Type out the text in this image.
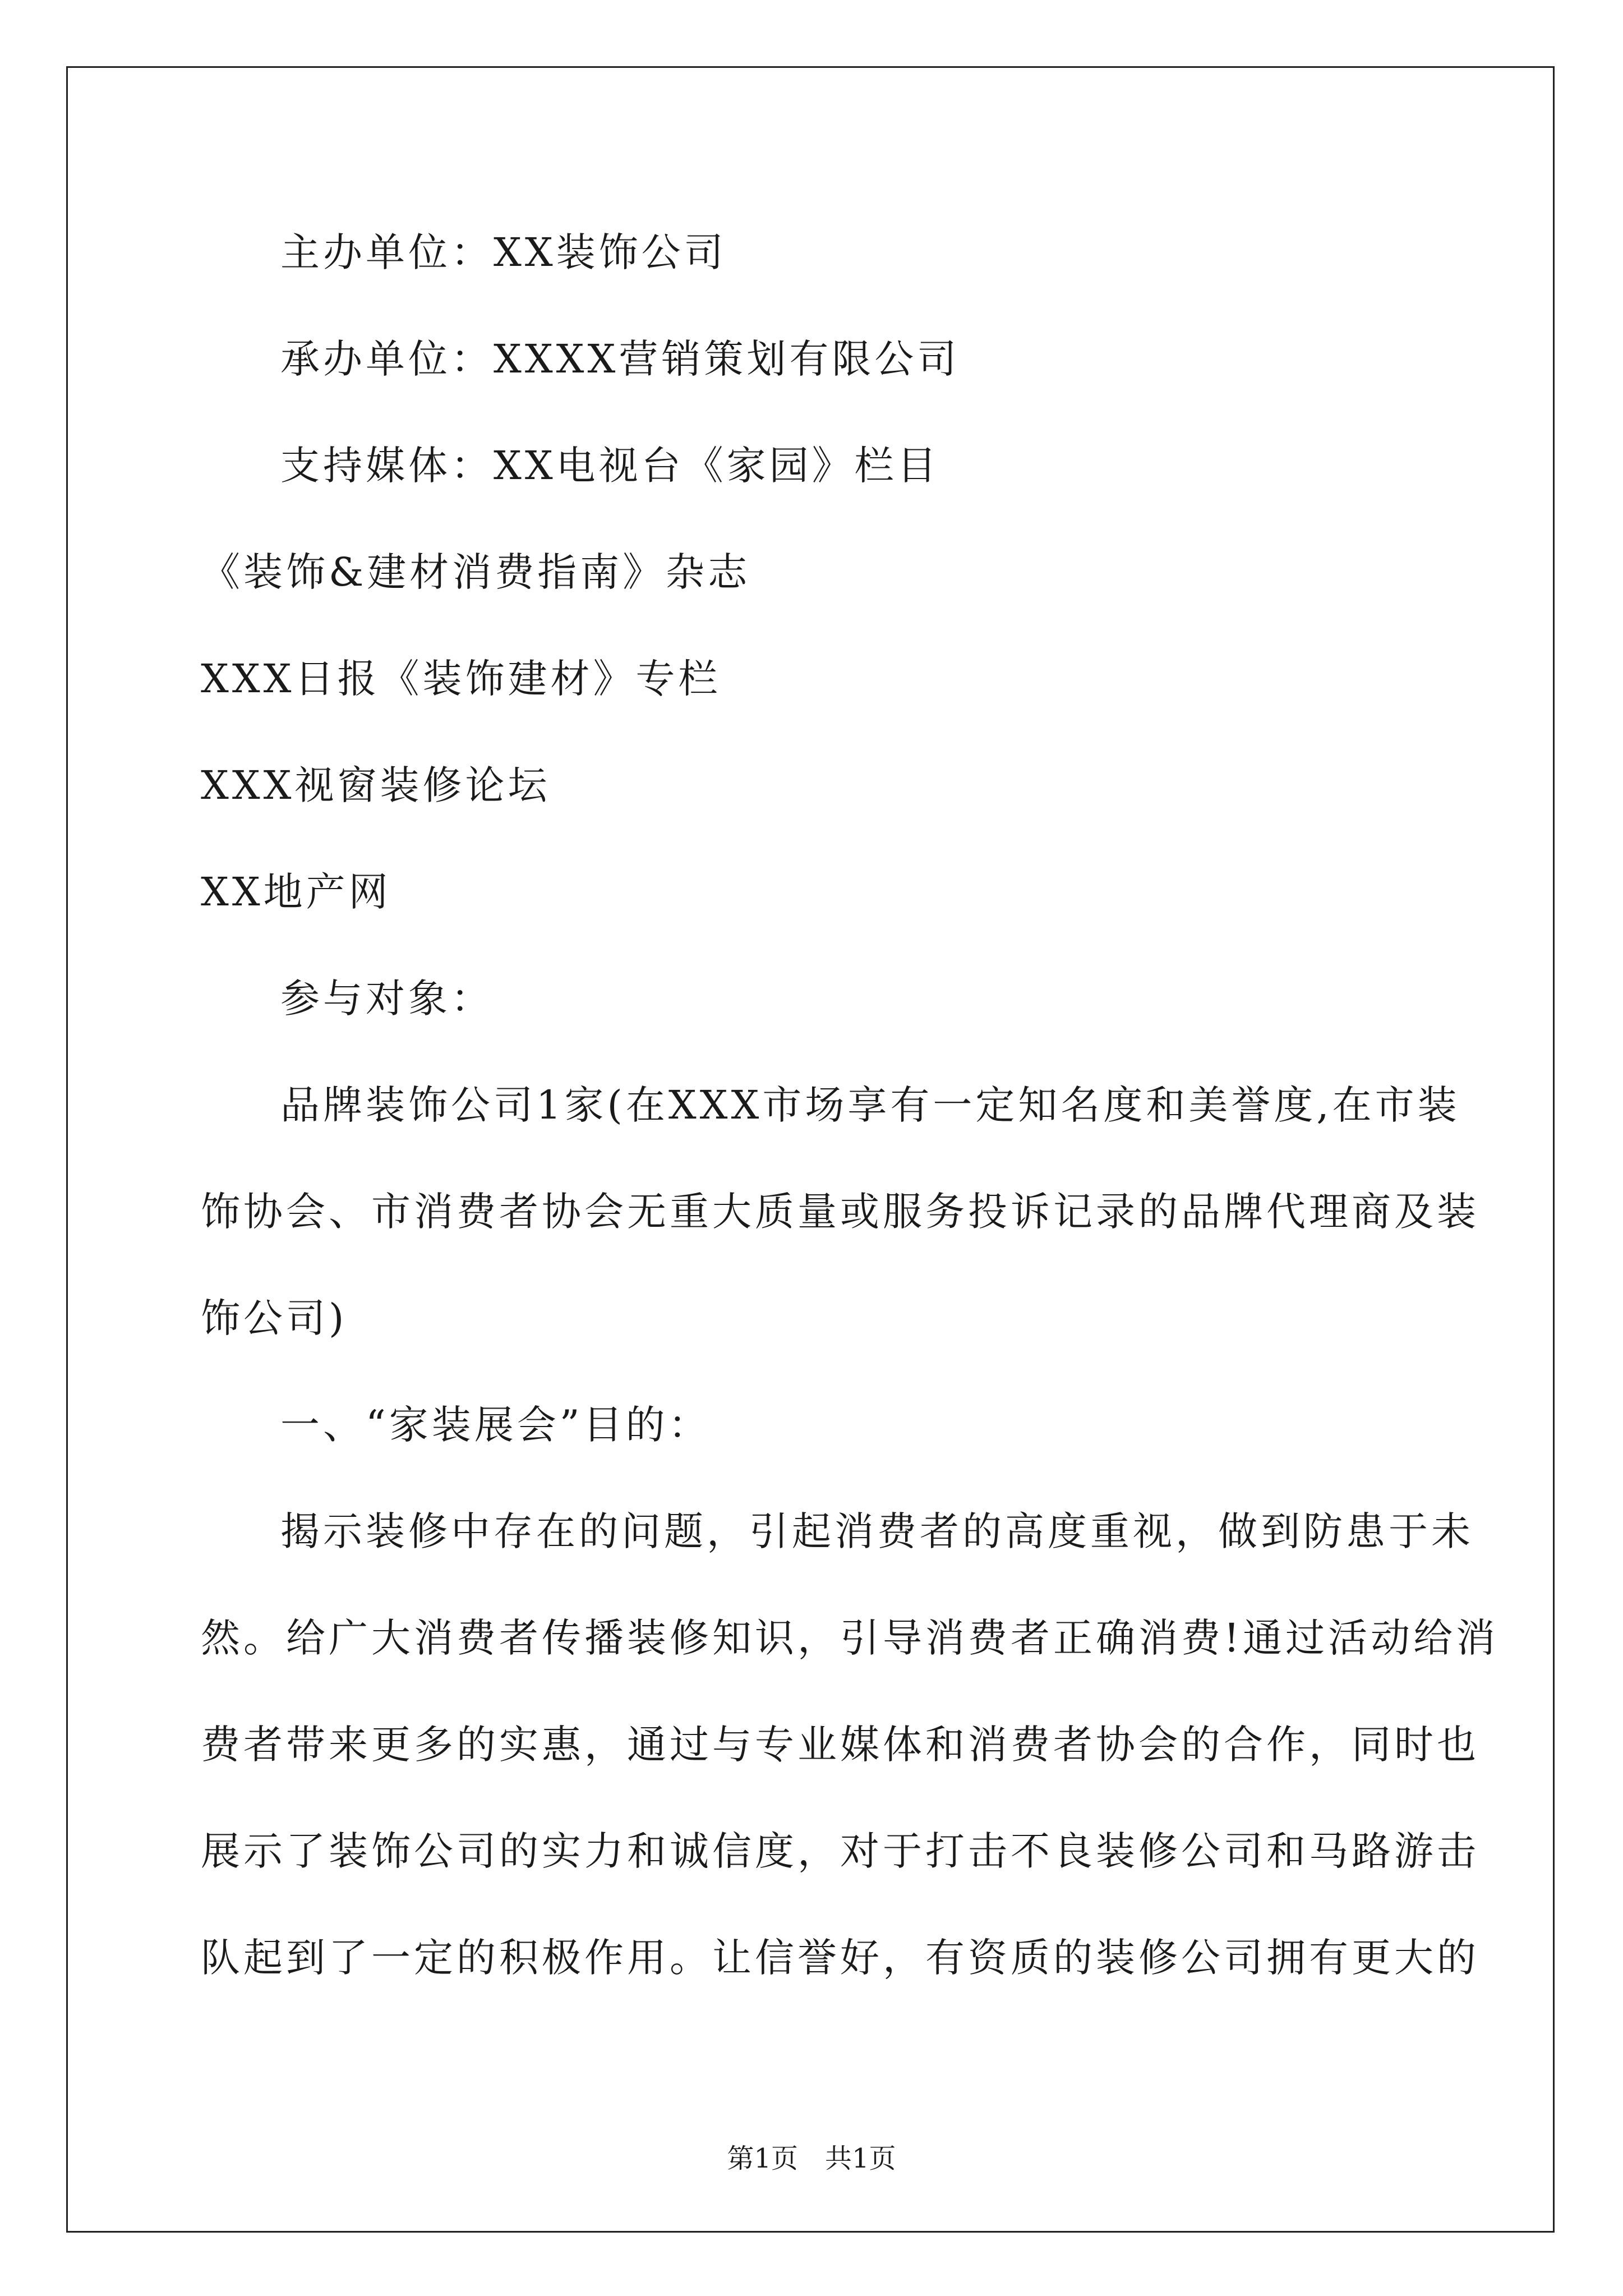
主办单位：XX装饰公司
承办单位：XXXX营销策划有限公司
支持媒体：XX电视台《家园》栏目
《装饰&建材消费指南》杂志
XXX日报《装饰建材》专栏
XXX视窗装修论坛
XX地产网
参与对象：
品牌装饰公司1家(在XXX市场享有一定知名度和美誉度,在市装
饰协会、市消费者协会无重大质量或服务投诉记录的品牌代理商及装
饰公司)
一、“家装展会”目的：
揭示装修中存在的问题，引起消费者的高度重视，做到防患于未
然。给广大消费者传播装修知识，引导消费者正确消费!通过活动给消
费者带来更多的实惠，通过与专业媒体和消费者协会的合作，同时也
展示了装饰公司的实力和诚信度，对于打击不良装修公司和马路游击
队起到了一定的积极作用。让信誉好，有资质的装修公司拥有更大的
第1页　共1页
